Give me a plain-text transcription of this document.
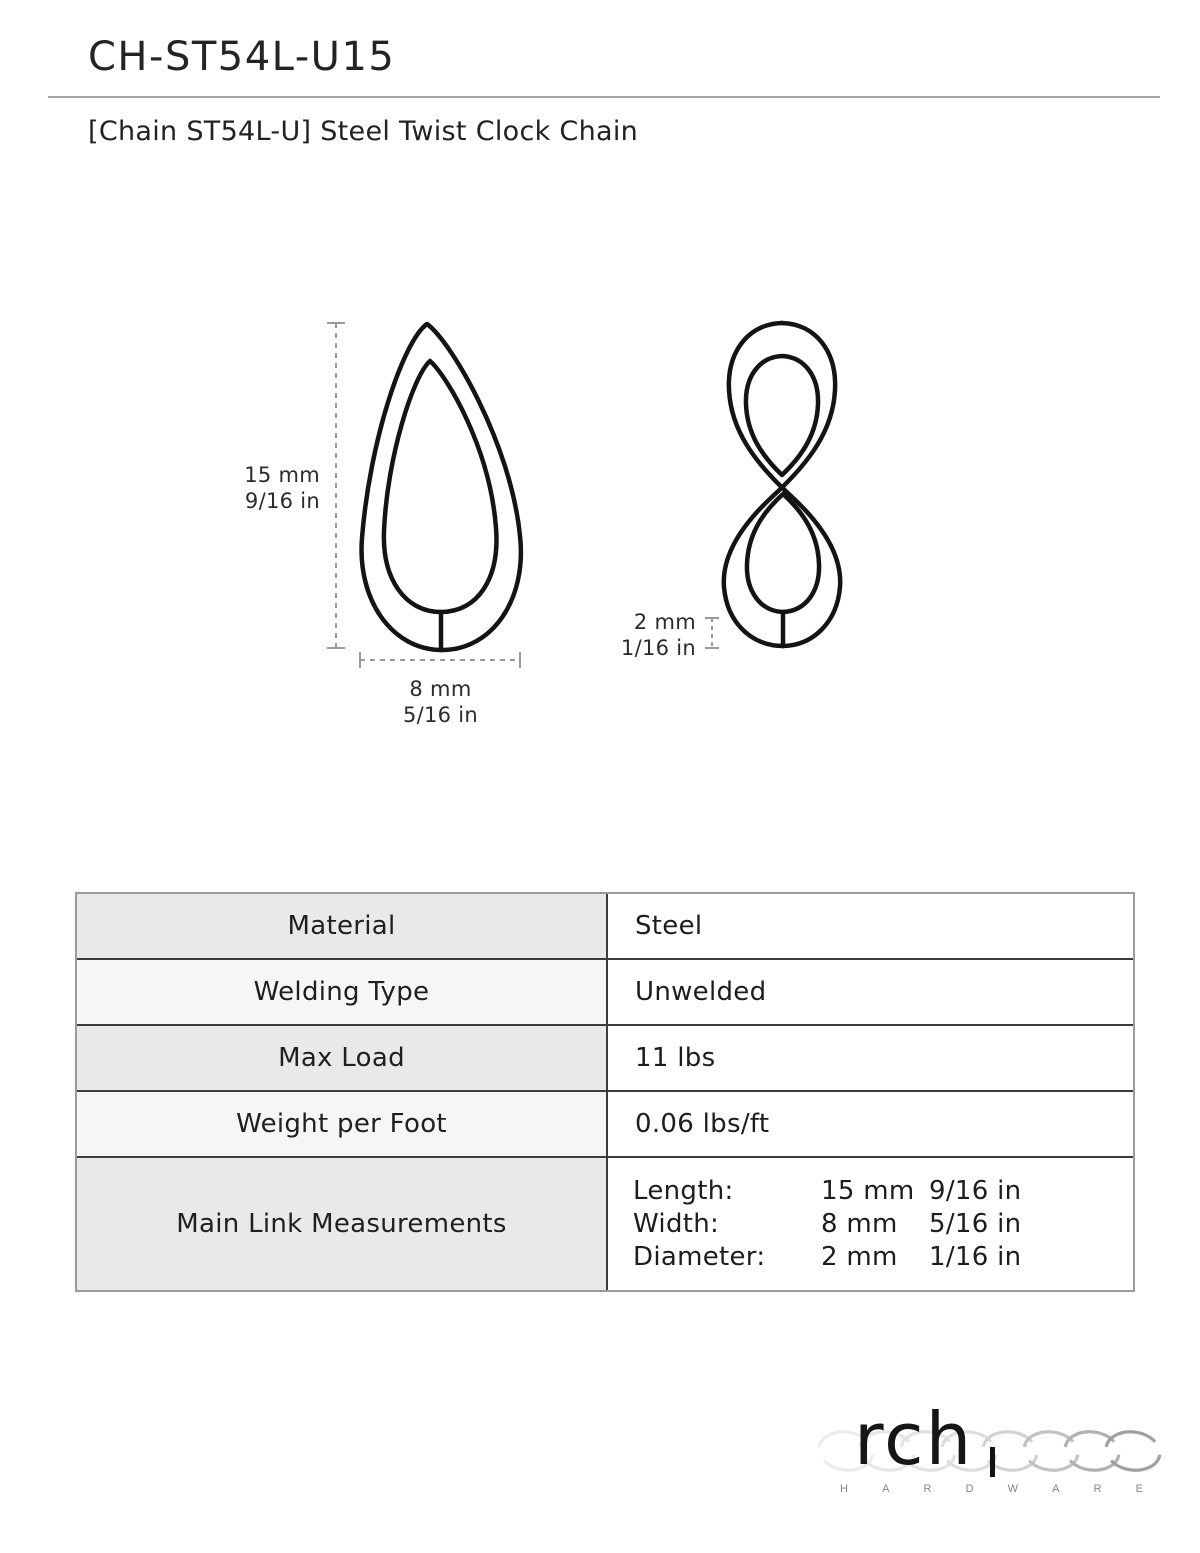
CH-ST54L-U15
[Chain ST54L-U] Steel Twist Clock Chain
15 mm
9/16 in
8 mm
5/16 in
2 mm
1/16 in
Material	Steel
Welding Type	Unwelded
Max Load	11 lbs
Weight per Foot	0.06 lbs/ft
Main Link Measurements
Length:	15 mm 9/16 in
Width:	8 mm	5/16 in
Diameter:	2 mm	1/16 in
rch
H	A	R	D	W	A	R	E
